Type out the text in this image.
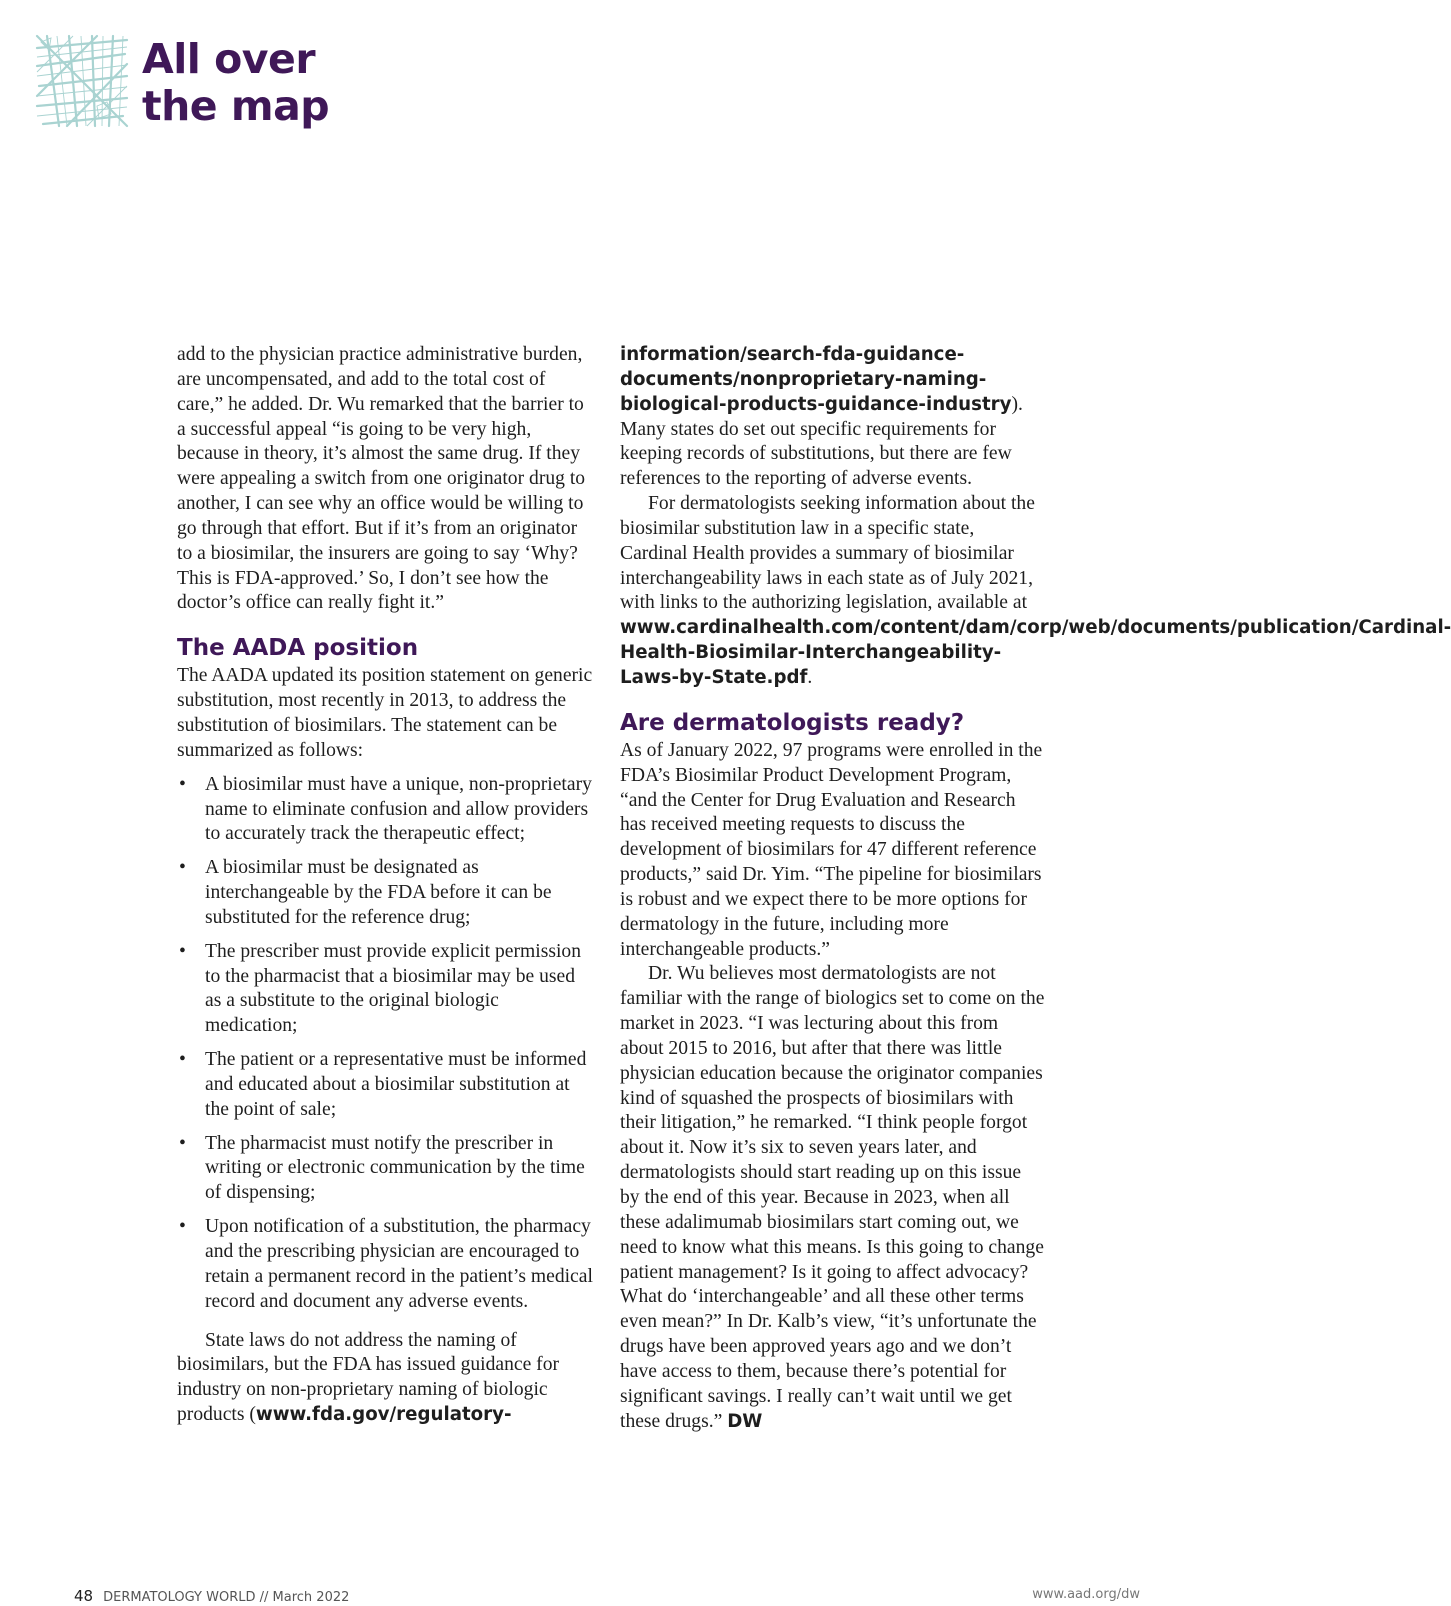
All over
the map

add to the physician practice administrative burden, are uncompensated, and add to the total cost of care,” he added. Dr. Wu remarked that the barrier to a successful appeal “is going to be very high, because in theory, it’s almost the same drug. If they were appealing a switch from one originator drug to another, I can see why an office would be willing to go through that effort. But if it’s from an originator to a biosimilar, the insurers are going to say ‘Why? This is FDA-approved.’ So, I don’t see how the doctor’s office can really fight it.”

The AADA position

The AADA updated its position statement on generic substitution, most recently in 2013, to address the substitution of biosimilars. The statement can be summarized as follows:

• A biosimilar must have a unique, non-proprietary name to eliminate confusion and allow providers to accurately track the therapeutic effect;
• A biosimilar must be designated as interchangeable by the FDA before it can be substituted for the reference drug;
• The prescriber must provide explicit permission to the pharmacist that a biosimilar may be used as a substitute to the original biologic medication;
• The patient or a representative must be informed and educated about a biosimilar substitution at the point of sale;
• The pharmacist must notify the prescriber in writing or electronic communication by the time of dispensing;
• Upon notification of a substitution, the pharmacy and the prescribing physician are encouraged to retain a permanent record in the patient’s medical record and document any adverse events.

State laws do not address the naming of biosimilars, but the FDA has issued guidance for industry on non-proprietary naming of biologic products (www.fda.gov/regulatory-

information/search-fda-guidance-documents/nonproprietary-naming-biological-products-guidance-industry). Many states do set out specific requirements for keeping records of substitutions, but there are few references to the reporting of adverse events.

For dermatologists seeking information about the biosimilar substitution law in a specific state, Cardinal Health provides a summary of biosimilar interchangeability laws in each state as of July 2021, with links to the authorizing legislation, available at www.cardinalhealth.com/content/dam/corp/web/documents/publication/Cardinal-Health-Biosimilar-Interchangeability-Laws-by-State.pdf.

Are dermatologists ready?

As of January 2022, 97 programs were enrolled in the FDA’s Biosimilar Product Development Program, “and the Center for Drug Evaluation and Research has received meeting requests to discuss the development of biosimilars for 47 different reference products,” said Dr. Yim. “The pipeline for biosimilars is robust and we expect there to be more options for dermatology in the future, including more interchangeable products.”

Dr. Wu believes most dermatologists are not familiar with the range of biologics set to come on the market in 2023. “I was lecturing about this from about 2015 to 2016, but after that there was little physician education because the originator companies kind of squashed the prospects of biosimilars with their litigation,” he remarked. “I think people forgot about it. Now it’s six to seven years later, and dermatologists should start reading up on this issue by the end of this year. Because in 2023, when all these adalimumab biosimilars start coming out, we need to know what this means. Is this going to change patient management? Is it going to affect advocacy? What do ‘interchangeable’ and all these other terms even mean?” In Dr. Kalb’s view, “it’s unfortunate the drugs have been approved years ago and we don’t have access to them, because there’s potential for significant savings. I really can’t wait until we get these drugs.” DW

48 DERMATOLOGY WORLD // March 2022	www.aad.org/dw
